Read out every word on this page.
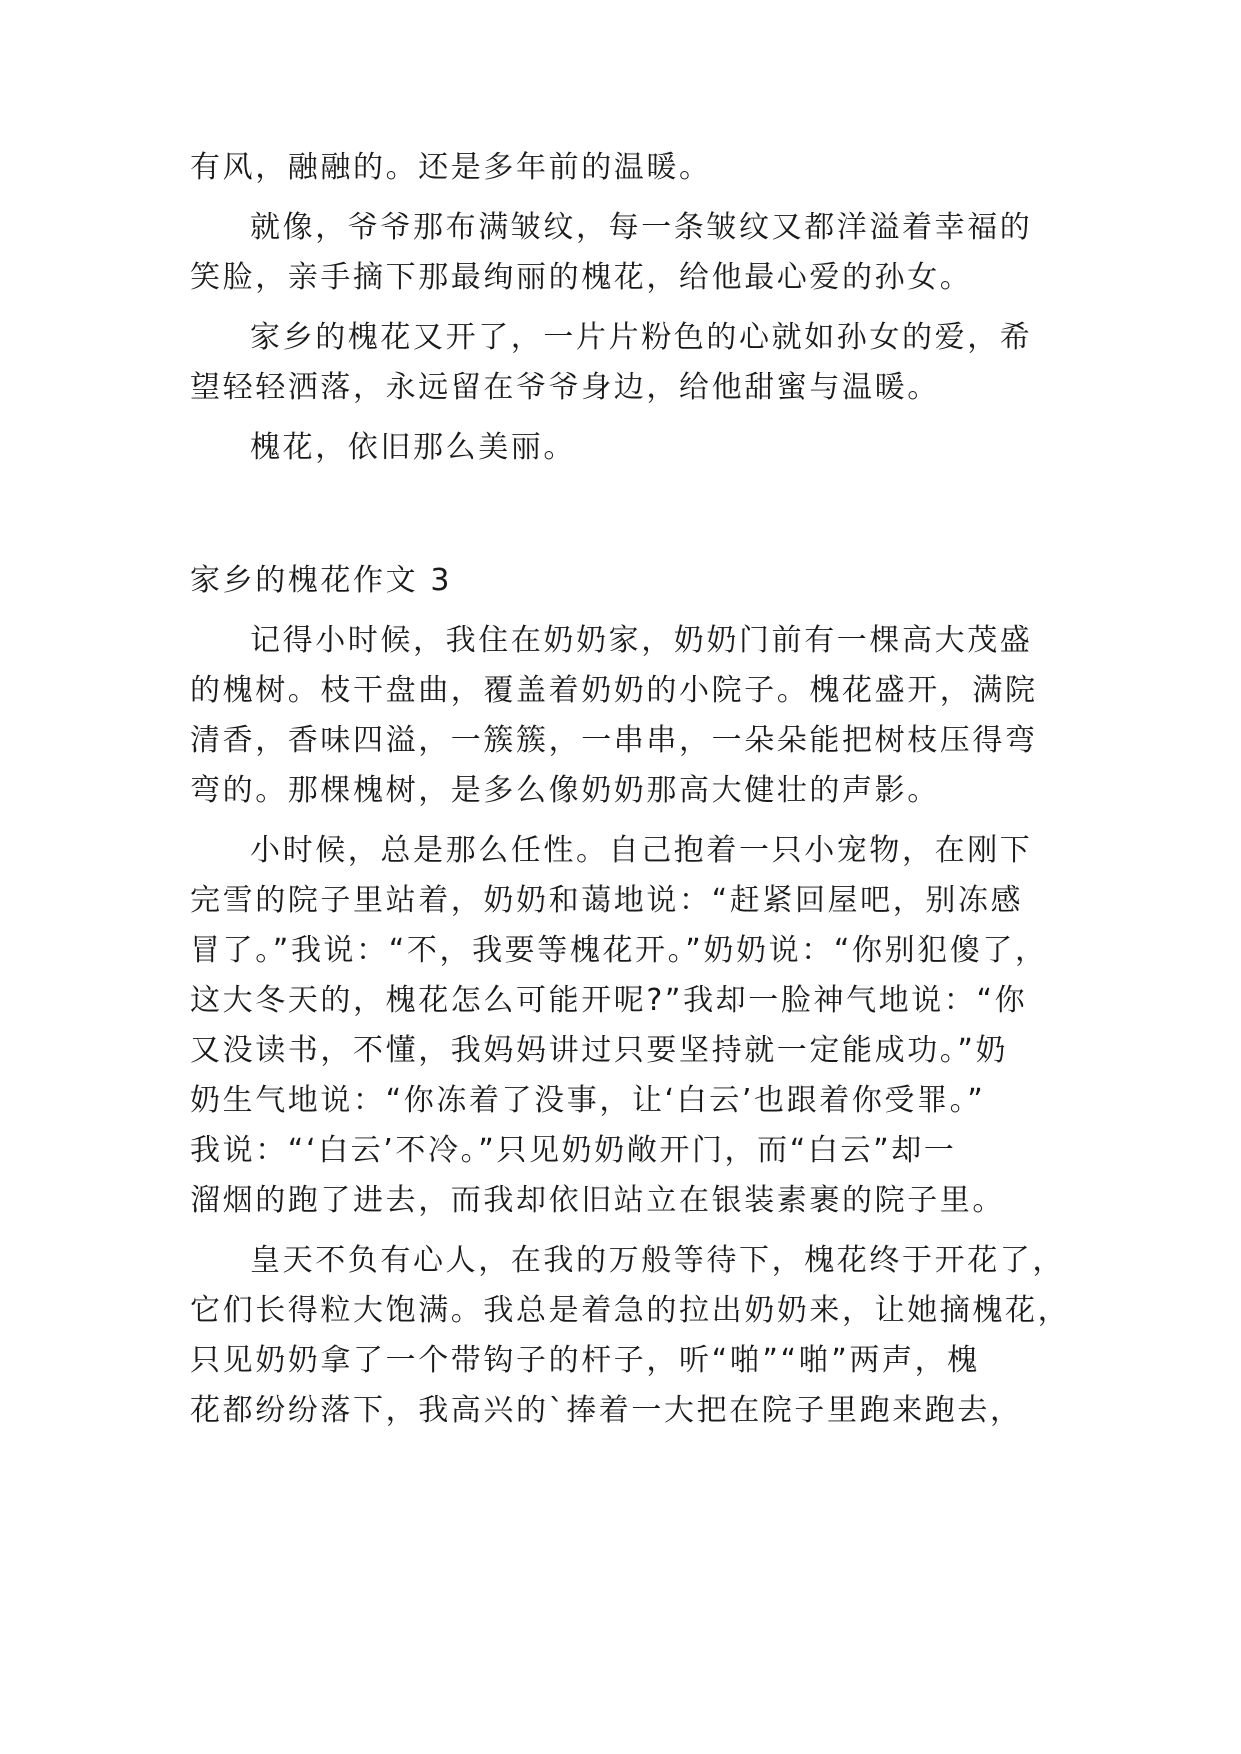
有风，融融的。还是多年前的温暖。
就像，爷爷那布满皱纹，每一条皱纹又都洋溢着幸福的
笑脸，亲手摘下那最绚丽的槐花，给他最心爱的孙女。
家乡的槐花又开了，一片片粉色的心就如孙女的爱，希
望轻轻洒落，永远留在爷爷身边，给他甜蜜与温暖。
槐花，依旧那么美丽。
家乡的槐花作文 3
记得小时候，我住在奶奶家，奶奶门前有一棵高大茂盛
的槐树。枝干盘曲，覆盖着奶奶的小院子。槐花盛开，满院
清香，香味四溢，一簇簇，一串串，一朵朵能把树枝压得弯
弯的。那棵槐树，是多么像奶奶那高大健壮的声影。
小时候，总是那么任性。自己抱着一只小宠物，在刚下
完雪的院子里站着，奶奶和蔼地说：“赶紧回屋吧，别冻感
冒了。”我说：“不，我要等槐花开。”奶奶说：“你别犯傻了，
这大冬天的，槐花怎么可能开呢?”我却一脸神气地说：“你
又没读书，不懂，我妈妈讲过只要坚持就一定能成功。”奶
奶生气地说：“你冻着了没事，让‘白云’也跟着你受罪。”
我说：“‘白云’不冷。”只见奶奶敞开门，而“白云”却一
溜烟的跑了进去，而我却依旧站立在银装素裹的院子里。
皇天不负有心人，在我的万般等待下，槐花终于开花了，
它们长得粒大饱满。我总是着急的拉出奶奶来，让她摘槐花，
只见奶奶拿了一个带钩子的杆子，听“啪”“啪”两声，槐
花都纷纷落下，我高兴的`捧着一大把在院子里跑来跑去，
